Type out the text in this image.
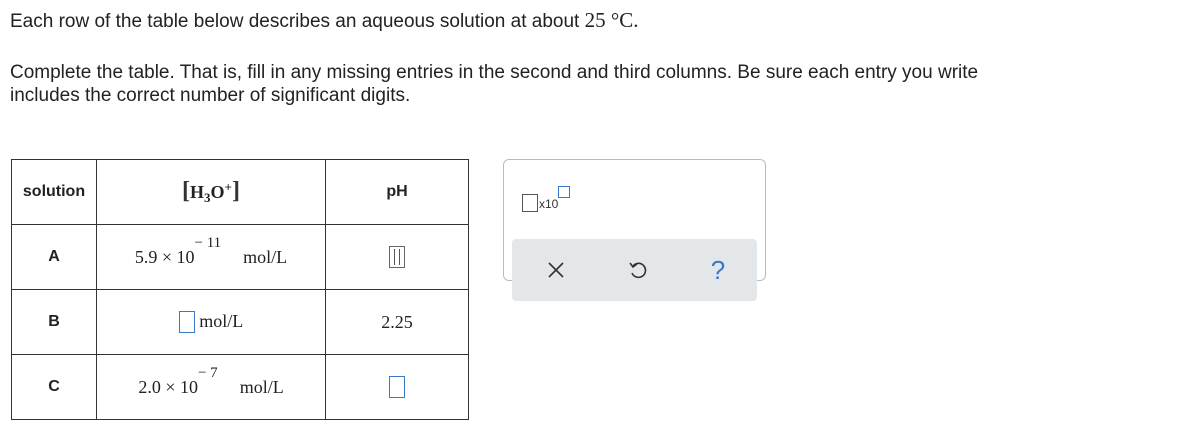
Each row of the table below describes an aqueous solution at about 25 °C.
Complete the table. That is, fill in any missing entries in the second and third columns. Be sure each entry you write
includes the correct number of significant digits.
solution	$[H_3O^+]$	pH
A	5.9 × 10
− 11
mol/L	

B	mol/L	2.25
C	2.0 × 10
− 7
mol/L	

x10
?
